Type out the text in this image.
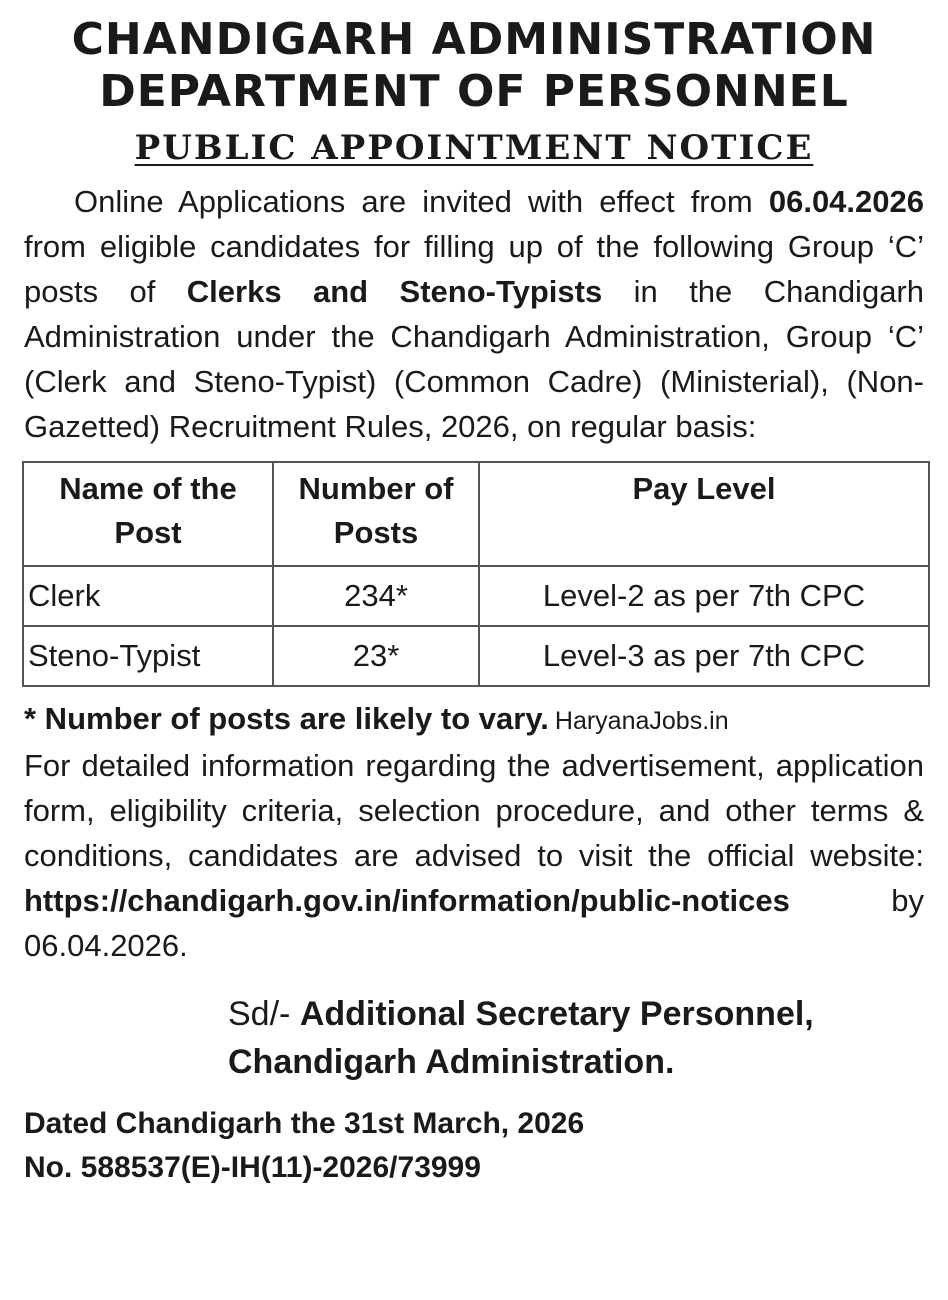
CHANDIGARH ADMINISTRATION
DEPARTMENT OF PERSONNEL
PUBLIC APPOINTMENT NOTICE
Online Applications are invited with effect from 06.04.2026 from eligible candidates for filling up of the following Group ‘C’ posts of Clerks and Steno-Typists in the Chandigarh Administration under the Chandigarh Administration, Group ‘C’ (Clerk and Steno-Typist) (Common Cadre) (Ministerial), (Non-Gazetted) Recruitment Rules, 2026, on regular basis:
Name of the Post	Number of Posts	Pay Level
Clerk	234*	Level-2 as per 7th CPC
Steno-Typist	23*	Level-3 as per 7th CPC
* Number of posts are likely to vary. HaryanaJobs.in
For detailed information regarding the advertisement, application form, eligibility criteria, selection procedure, and other terms & conditions, candidates are advised to visit the official website: https://chandigarh.gov.in/information/public-notices by 06.04.2026.
Sd/- Additional Secretary Personnel,
Chandigarh Administration.
Dated Chandigarh the 31st March, 2026
No. 588537(E)-IH(11)-2026/73999
